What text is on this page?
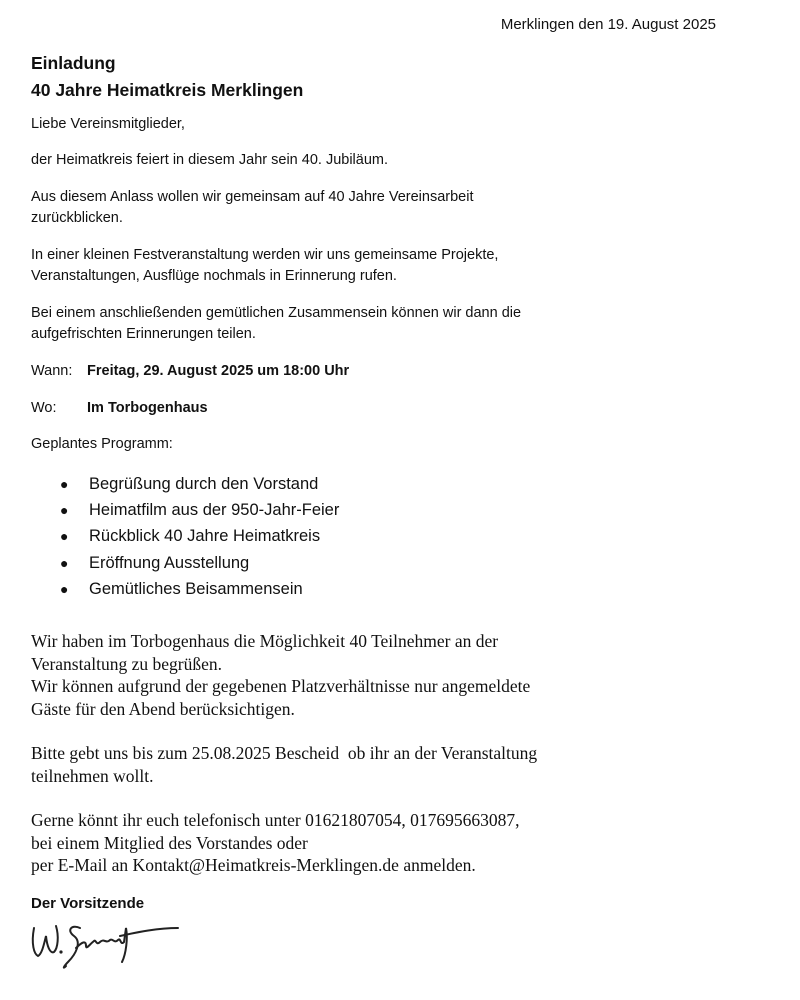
Merklingen den 19. August 2025
Einladung
40 Jahre Heimatkreis Merklingen

Liebe Vereinsmitglieder,

der Heimatkreis feiert in diesem Jahr sein 40. Jubiläum.

Aus diesem Anlass wollen wir gemeinsam auf 40 Jahre Vereinsarbeit zurückblicken.

In einer kleinen Festveranstaltung werden wir uns gemeinsame Projekte, Veranstaltungen, Ausflüge nochmals in Erinnerung rufen.

Bei einem anschließenden gemütlichen Zusammensein können wir dann die aufgefrischten Erinnerungen teilen.

Wann: Freitag, 29. August 2025 um 18:00 Uhr

Wo: Im Torbogenhaus

Geplantes Programm:

● Begrüßung durch den Vorstand
● Heimatfilm aus der 950-Jahr-Feier
● Rückblick 40 Jahre Heimatkreis
● Eröffnung Ausstellung
● Gemütliches Beisammensein
Wir haben im Torbogenhaus die Möglichkeit 40 Teilnehmer an der
Veranstaltung zu begrüßen.
Wir können aufgrund der gegebenen Platzverhältnisse nur angemeldete
Gäste für den Abend berücksichtigen.
Bitte gebt uns bis zum 25.08.2025 Bescheid  ob ihr an der Veranstaltung
teilnehmen wollt.
Gerne könnt ihr euch telefonisch unter 01621807054, 017695663087,
bei einem Mitglied des Vorstandes oder
per E-Mail an Kontakt@Heimatkreis-Merklingen.de anmelden.
Der Vorsitzende
